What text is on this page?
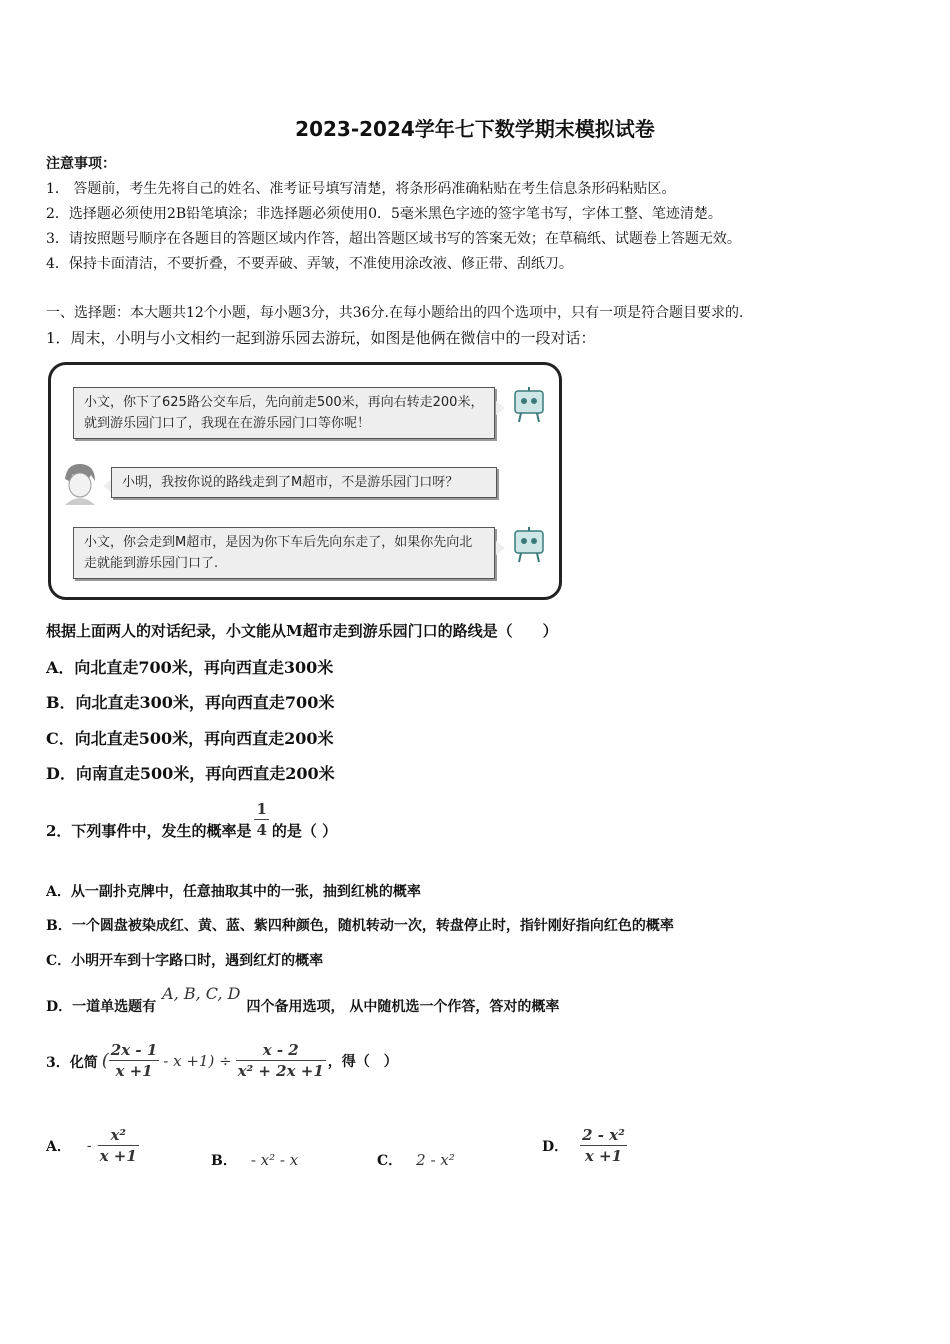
2023-2024学年七下数学期末模拟试卷
注意事项：
1． 答题前，考生先将自己的姓名、准考证号填写清楚，将条形码准确粘贴在考生信息条形码粘贴区。
2．选择题必须使用2B铅笔填涂；非选择题必须使用0．5毫米黑色字迹的签字笔书写，字体工整、笔迹清楚。
3．请按照题号顺序在各题目的答题区域内作答，超出答题区域书写的答案无效；在草稿纸、试题卷上答题无效。
4．保持卡面清洁，不要折叠，不要弄破、弄皱，不准使用涂改液、修正带、刮纸刀。
一、选择题：本大题共12个小题，每小题3分，共36分.在每小题给出的四个选项中，只有一项是符合题目要求的.
1．周末，小明与小文相约一起到游乐园去游玩，如图是他俩在微信中的一段对话：
小文，你下了625路公交车后，先向前走500米，再向右转走200米，就到游乐园门口了，我现在在游乐园门口等你呢！
小明，我按你说的路线走到了M超市，不是游乐园门口呀？
小文，你会走到M超市，是因为你下车后先向东走了，如果你先向北走就能到游乐园门口了.
根据上面两人的对话纪录，小文能从M超市走到游乐园门口的路线是（　　）
A．向北直走700米，再向西直走300米
B．向北直走300米，再向西直走700米
C．向北直走500米，再向西直走200米
D．向南直走500米，再向西直走200米
2．下列事件中，发生的概率是 $\frac{1}{4}$ 的是（ ）
A．从一副扑克牌中，任意抽取其中的一张，抽到红桃的概率
B．一个圆盘被染成红、黄、蓝、紫四种颜色，随机转动一次，转盘停止时，指针刚好指向红色的概率
C．小明开车到十字路口时，遇到红灯的概率
D．一道单选题有
A, B, C, D
四个备用选项， 从中随机选一个作答，答对的概率
3．化简 ( $\frac{2x - 1}{x +1} - x +1) \div \frac{x - 2}{\text{x² + 2x +1}}$ ，得（　）
A． - $\frac{\text{x²}}{x +1}$	B． - x² - x	C． 2 - x²
D． $\frac{\text{2 - x²}}{x +1}$
